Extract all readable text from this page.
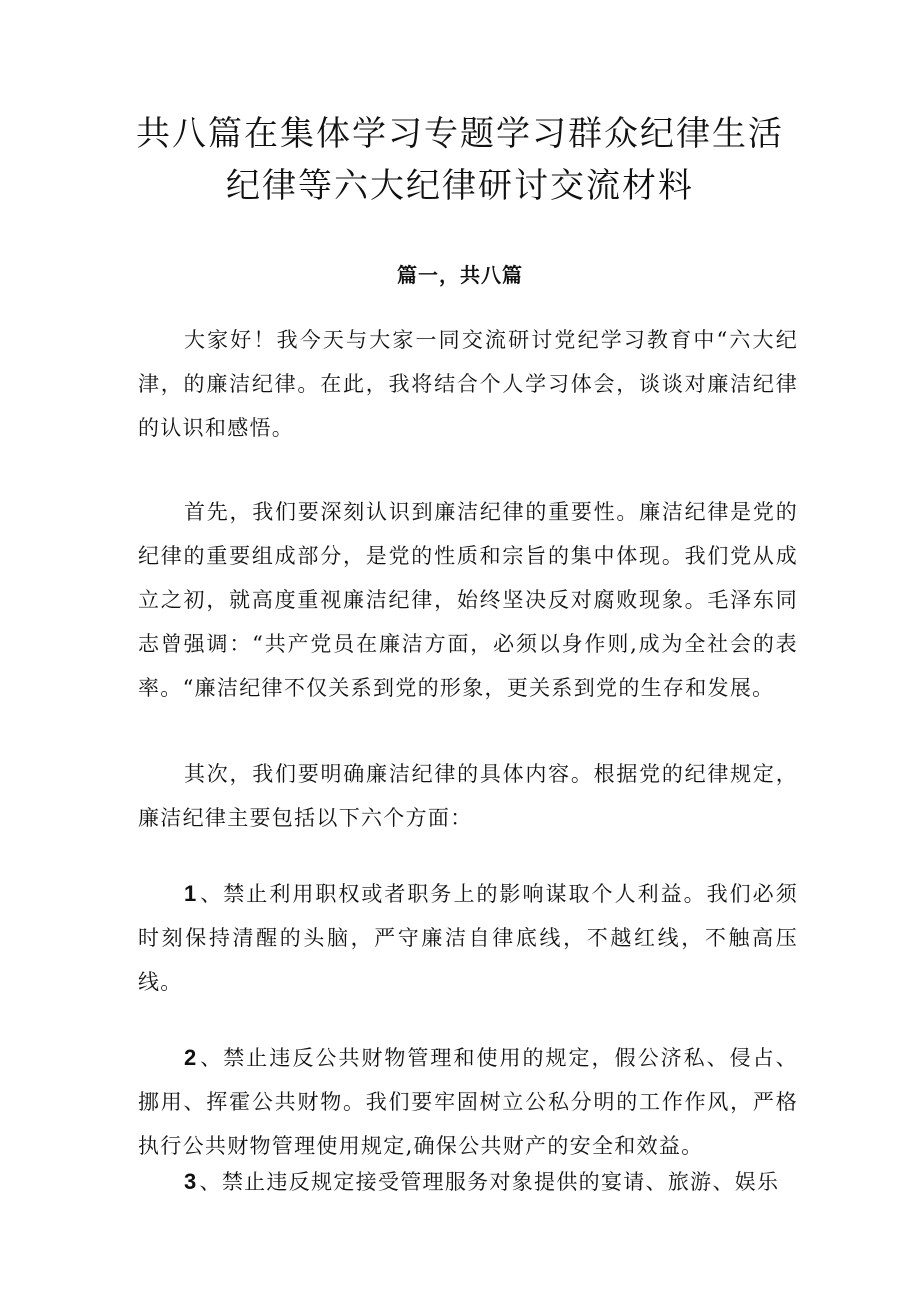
共八篇在集体学习专题学习群众纪律生活
纪律等六大纪律研讨交流材料
篇一，共八篇

大家好！我今天与大家一同交流研讨党纪学习教育中“六大纪津，的廉洁纪律。在此，我将结合个人学习体会，谈谈对廉洁纪律的认识和感悟。

首先，我们要深刻认识到廉洁纪律的重要性。廉洁纪律是党的纪律的重要组成部分，是党的性质和宗旨的集中体现。我们党从成立之初，就高度重视廉洁纪律，始终坚决反对腐败现象。毛泽东同志曾强调：“共产党员在廉洁方面，必须以身作则,成为全社会的表率。“廉洁纪律不仅关系到党的形象，更关系到党的生存和发展。

其次，我们要明确廉洁纪律的具体内容。根据党的纪律规定，廉洁纪律主要包括以下六个方面：

1、禁止利用职权或者职务上的影响谋取个人利益。我们必须时刻保持清醒的头脑，严守廉洁自律底线，不越红线，不触高压线。

2、禁止违反公共财物管理和使用的规定，假公济私、侵占、挪用、挥霍公共财物。我们要牢固树立公私分明的工作作风，严格执行公共财物管理使用规定,确保公共财产的安全和效益。

3、禁止违反规定接受管理服务对象提供的宴请、旅游、娱乐
